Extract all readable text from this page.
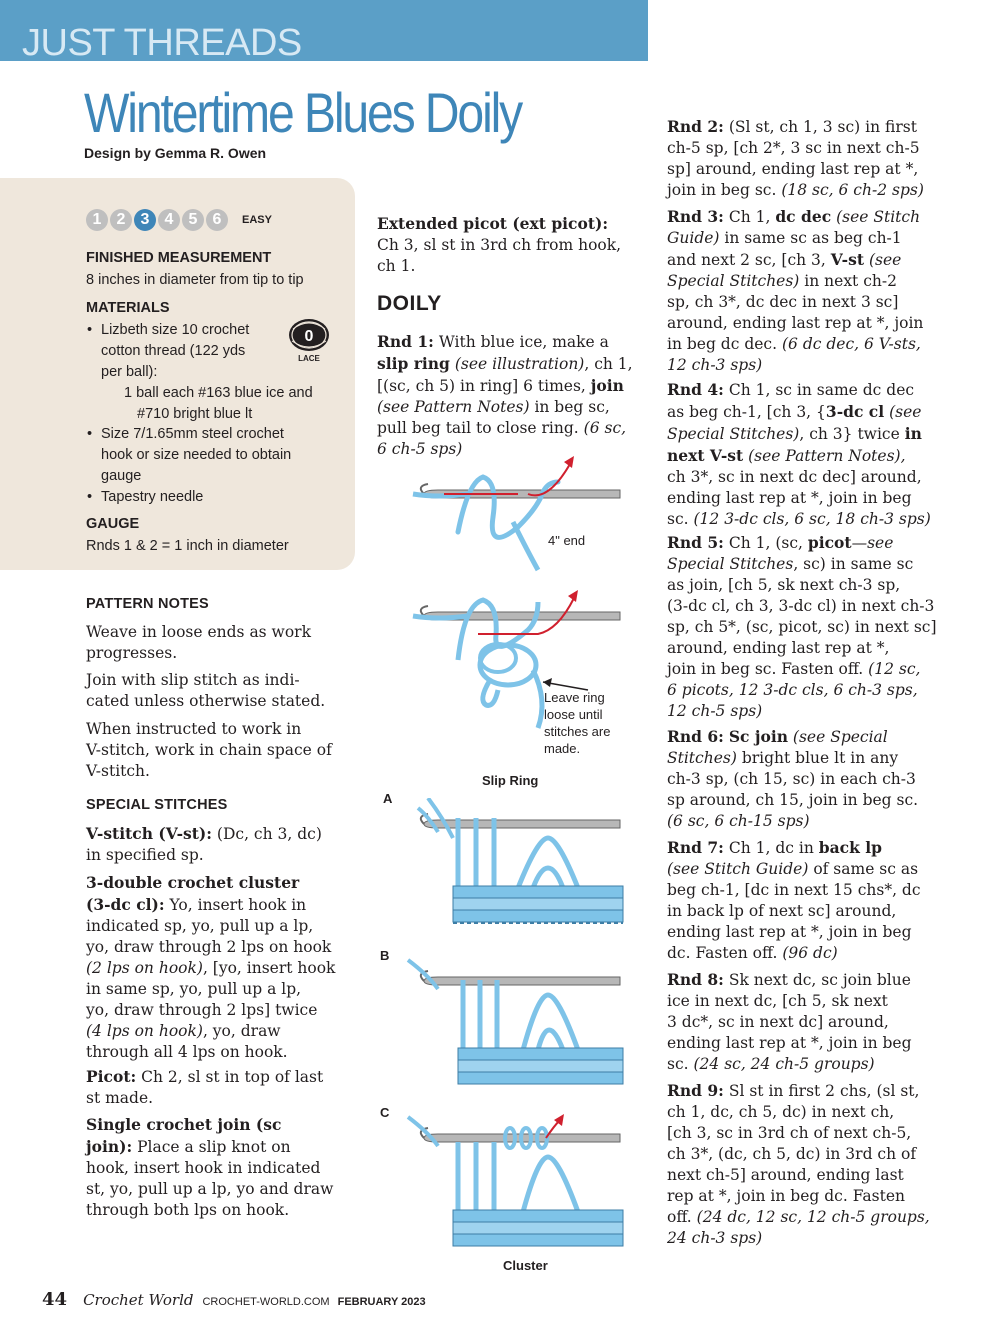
JUST THREADS
Wintertime Blues Doily
Design by Gemma R. Owen
1 2 3 4 5 6	EASY
FINISHED MEASUREMENT
8 inches in diameter from tip to tip
MATERIALS
• Lizbeth size 10 crochet
cotton thread (122 yds
per ball):
1 ball each #163 blue ice and
#710 bright blue lt
• Size 7/1.65mm steel crochet
hook or size needed to obtain
gauge
• Tapestry needle
0
LACE
GAUGE
Rnds 1 & 2 = 1 inch in diameter
PATTERN NOTES
Weave in loose ends as work
progresses.
Join with slip stitch as indi-
cated unless otherwise stated.
When instructed to work in
V-stitch, work in chain space of
V-stitch.
SPECIAL STITCHES
V-stitch (V-st): (Dc, ch 3, dc)
in specified sp.
3-double crochet cluster
(3-dc cl): Yo, insert hook in
indicated sp, yo, pull up a lp,
yo, draw through 2 lps on hook
(2 lps on hook), [yo, insert hook
in same sp, yo, pull up a lp,
yo, draw through 2 lps] twice
(4 lps on hook), yo, draw
through all 4 lps on hook.
Picot: Ch 2, sl st in top of last
st made.
Single crochet join (sc
join): Place a slip knot on
hook, insert hook in indicated
st, yo, pull up a lp, yo and draw
through both lps on hook.
Extended picot (ext picot):
Ch 3, sl st in 3rd ch from hook,
ch 1.
DOILY
Rnd 1: With blue ice, make a
slip ring (see illustration), ch 1,
[(sc, ch 5) in ring] 6 times, join
(see Pattern Notes) in beg sc,
pull beg tail to close ring. (6 sc,
6 ch-5 sps)
4" end
Leave ring
loose until
stitches are
made.
Slip Ring
A
B
C
Cluster
Rnd 2: (Sl st, ch 1, 3 sc) in first
ch-5 sp, [ch 2*, 3 sc in next ch-5
sp] around, ending last rep at *,
join in beg sc. (18 sc, 6 ch-2 sps)
Rnd 3: Ch 1, dc dec (see Stitch
Guide) in same sc as beg ch-1
and next 2 sc, [ch 3, V-st (see
Special Stitches) in next ch-2
sp, ch 3*, dc dec in next 3 sc]
around, ending last rep at *, join
in beg dc dec. (6 dc dec, 6 V-sts,
12 ch-3 sps)
Rnd 4: Ch 1, sc in same dc dec
as beg ch-1, [ch 3, {3-dc cl (see
Special Stitches), ch 3} twice in
next V-st (see Pattern Notes),
ch 3*, sc in next dc dec] around,
ending last rep at *, join in beg
sc. (12 3-dc cls, 6 sc, 18 ch-3 sps)
Rnd 5: Ch 1, (sc, picot—see
Special Stitches, sc) in same sc
as join, [ch 5, sk next ch-3 sp,
(3-dc cl, ch 3, 3-dc cl) in next ch-3
sp, ch 5*, (sc, picot, sc) in next sc]
around, ending last rep at *,
join in beg sc. Fasten off. (12 sc,
6 picots, 12 3-dc cls, 6 ch-3 sps,
12 ch-5 sps)
Rnd 6: Sc join (see Special
Stitches) bright blue lt in any
ch-3 sp, (ch 15, sc) in each ch-3
sp around, ch 15, join in beg sc.
(6 sc, 6 ch-15 sps)
Rnd 7: Ch 1, dc in back lp
(see Stitch Guide) of same sc as
beg ch-1, [dc in next 15 chs*, dc
in back lp of next sc] around,
ending last rep at *, join in beg
dc. Fasten off. (96 dc)
Rnd 8: Sk next dc, sc join blue
ice in next dc, [ch 5, sk next
3 dc*, sc in next dc] around,
ending last rep at *, join in beg
sc. (24 sc, 24 ch-5 groups)
Rnd 9: Sl st in first 2 chs, (sl st,
ch 1, dc, ch 5, dc) in next ch,
[ch 3, sc in 3rd ch of next ch-5,
ch 3*, (dc, ch 5, dc) in 3rd ch of
next ch-5] around, ending last
rep at *, join in beg dc. Fasten
off. (24 dc, 12 sc, 12 ch-5 groups,
24 ch-3 sps)
44 Crochet World CROCHET-WORLD.COM FEBRUARY 2023
